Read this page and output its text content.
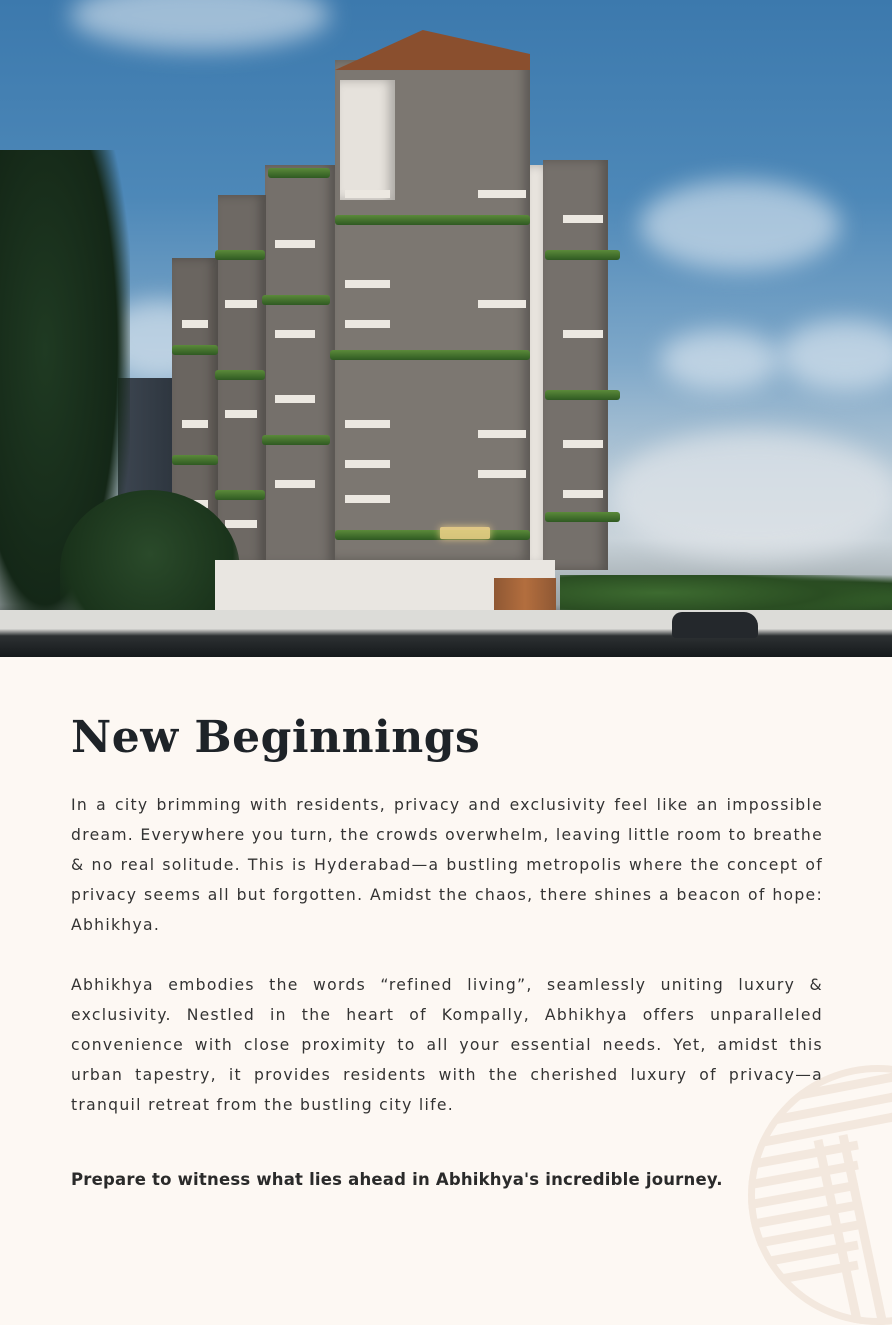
New Beginnings

In a city brimming with residents, privacy and exclusivity feel like an impossible dream. Everywhere you turn, the crowds overwhelm, leaving little room to breathe & no real solitude. This is Hyderabad—a bustling metropolis where the concept of privacy seems all but forgotten. Amidst the chaos, there shines a beacon of hope: Abhikhya.

Abhikhya embodies the words “refined living”, seamlessly uniting luxury & exclusivity. Nestled in the heart of Kompally, Abhikhya offers unparalleled convenience with close proximity to all your essential needs. Yet, amidst this urban tapestry, it provides residents with the cherished luxury of privacy—a tranquil retreat from the bustling city life.

Prepare to witness what lies ahead in Abhikhya's incredible journey.
